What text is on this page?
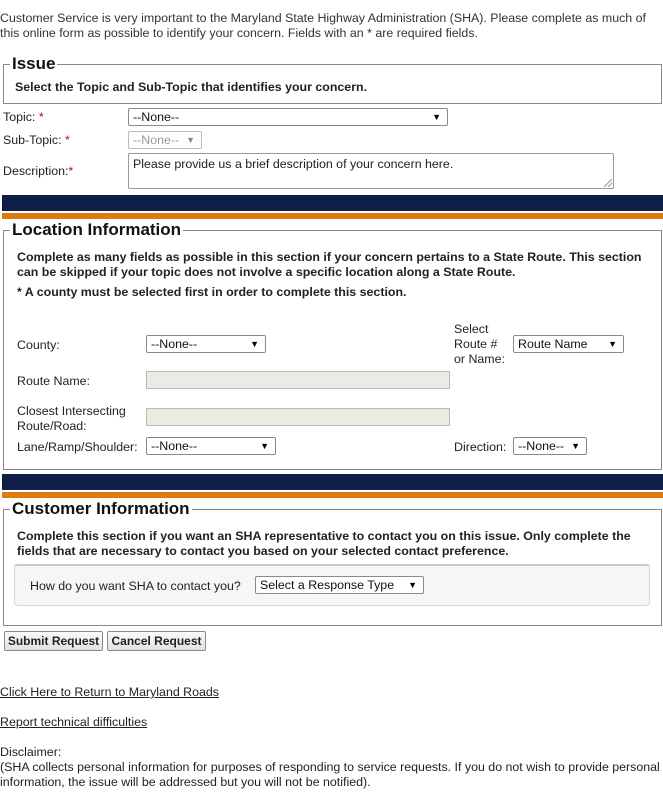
Customer Service is very important to the Maryland State Highway Administration (SHA). Please complete as much of this online form as possible to identify your concern. Fields with an * are required fields.
Issue
Select the Topic and Sub-Topic that identifies your concern.
Topic: *	--None--	▼
Sub-Topic: *	--None-- ▼
Description:*	Please provide us a brief description of your concern here.
Location Information
Complete as many fields as possible in this section if your concern pertains to a State Route. This section can be skipped if your topic does not involve a specific location along a State Route.
* A county must be selected first in order to complete this section.
County:	--None--	▼
Select Route # or Name:
Route Name ▼
Route Name:
Closest Intersecting Route/Road:
Lane/Ramp/Shoulder:	--None--	▼	Direction: --None-- ▼
Customer Information
Complete this section if you want an SHA representative to contact you on this issue. Only complete the fields that are necessary to contact you based on your selected contact preference.
How do you want SHA to contact you?	Select a Response Type ▼
Submit Request	Cancel Request
Click Here to Return to Maryland Roads
Report technical difficulties
Disclaimer:
(SHA collects personal information for purposes of responding to service requests. If you do not wish to provide personal information, the issue will be addressed but you will not be notified).
